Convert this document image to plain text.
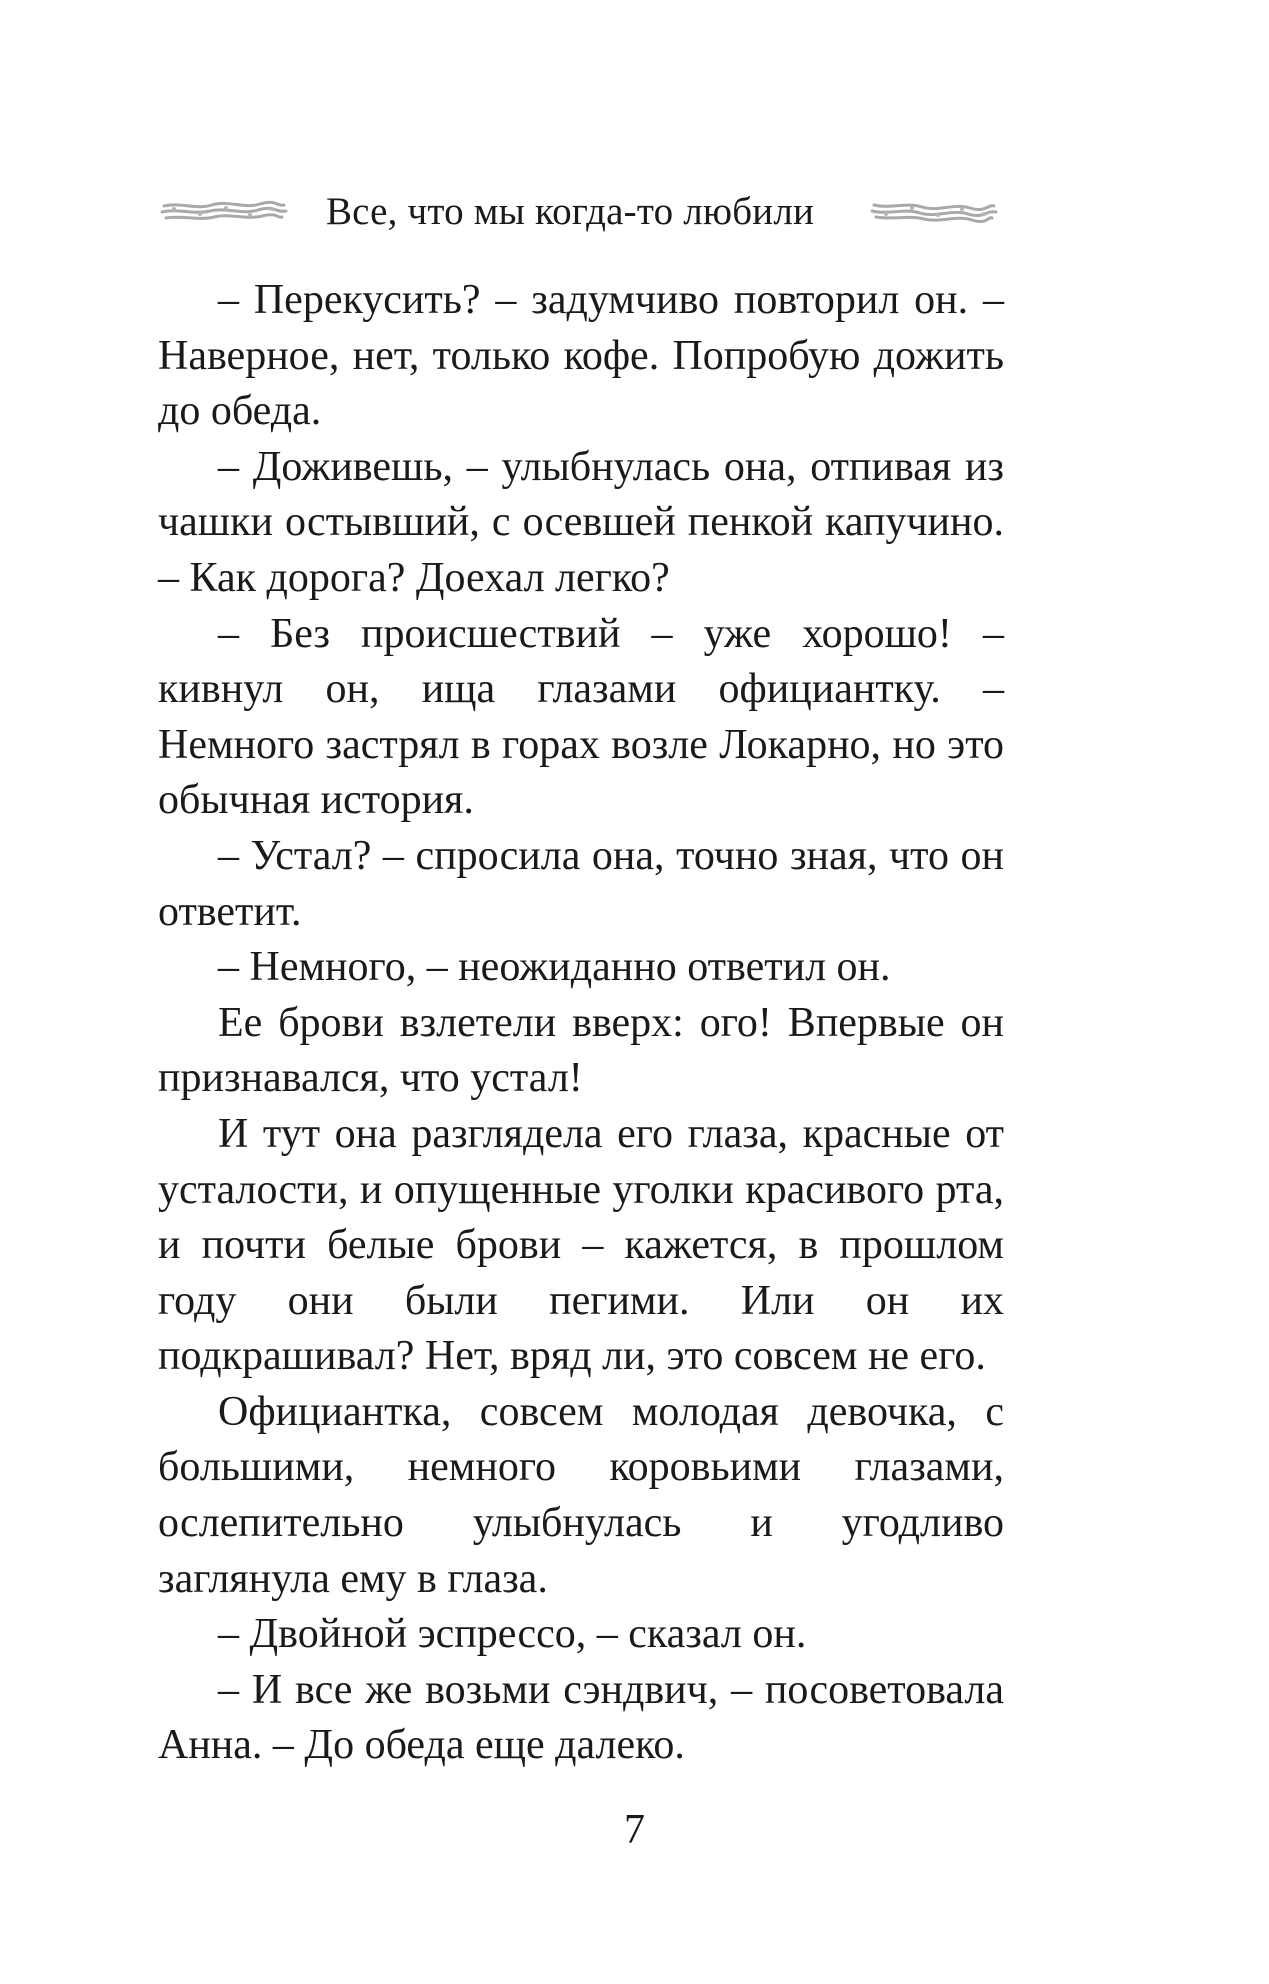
Все, что мы когда-то любили

– Перекусить? – задумчиво повторил он. – Наверное, нет, только кофе. Попробую дожить до обеда.

– Доживешь, – улыбнулась она, отпивая из чашки остывший, с осевшей пенкой капучино. – Как дорога? Доехал легко?

– Без происшествий – уже хорошо! – кивнул он, ища глазами официантку. – Немного застрял в горах возле Локарно, но это обычная история.

– Устал? – спросила она, точно зная, что он ответит.

– Немного, – неожиданно ответил он.

Ее брови взлетели вверх: ого! Впервые он признавался, что устал!

И тут она разглядела его глаза, красные от усталости, и опущенные уголки красивого рта, и почти белые брови – кажется, в прошлом году они были пегими. Или он их подкрашивал? Нет, вряд ли, это совсем не его.

Официантка, совсем молодая девочка, с большими, немного коровьими глазами, ослепительно улыбнулась и угодливо заглянула ему в глаза.

– Двойной эспрессо, – сказал он.

– И все же возьми сэндвич, – посоветовала Анна. – До обеда еще далеко.

7
